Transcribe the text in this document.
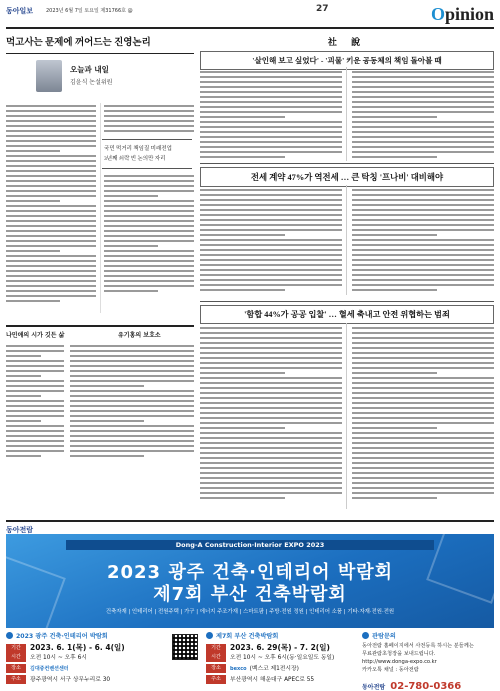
동아일보	2023년 6월 7일 토요일 제31766호 @	27	Opinion
먹고사는 문제에 꺼어드는 진영논리
오늘과 내일
김윤식 논설위원
국민 먹거리 책임질 미래전업
3년째 쇠락 빈 논의만 자리
나민애의 시가 깃든 삶	유기홍의 보호소
社 說
'살인해 보고 싶었다' - '괴물' 키운 공동체의 책임 돌아볼 때
전세 계약 47%가 역전세 … 큰 탁칭 '프나비' 대비해야
'함합 44%가 공공 입찰' … 혈세 축내고 안전 위협하는 범죄
동아전람
Dong-A Construction·Interior EXPO 2023
2023 광주 건축·인테리어 박람회
제7회 부산 건축박람회
건축자재 | 인테리어 | 전원주택 | 가구 | 에너지 주조가재 | 스마트팜 | 주방·전원 정원 | 인테리어 소품 | 기타·자재·전원·전원
2023 광주 건축·인테리어 박람회
기간 2023. 6. 1(목) - 6. 4(일)
시간 오전 10시 ~ 오후 6시
장소 김대중컨벤션센터
주소 광주광역시 서구 상무누리로 30
제7회 부산 건축박람회
기간 2023. 6. 29(목) - 7. 2(일)
시간 오전 10시 ~ 오후 6시(동·일요일도 동일)
장소 bexco (벡스코 제1전시장)
주소 부산광역시 해운대구 APEC로 55
관람문의
동아전람 홈페이지에서 사전등록 하시는 분들께는
무료관람초청장을 보내드립니다.
http://www.donga-expo.co.kr
카카오톡 채널 : 동아전람
동아전람 02-780-0366
